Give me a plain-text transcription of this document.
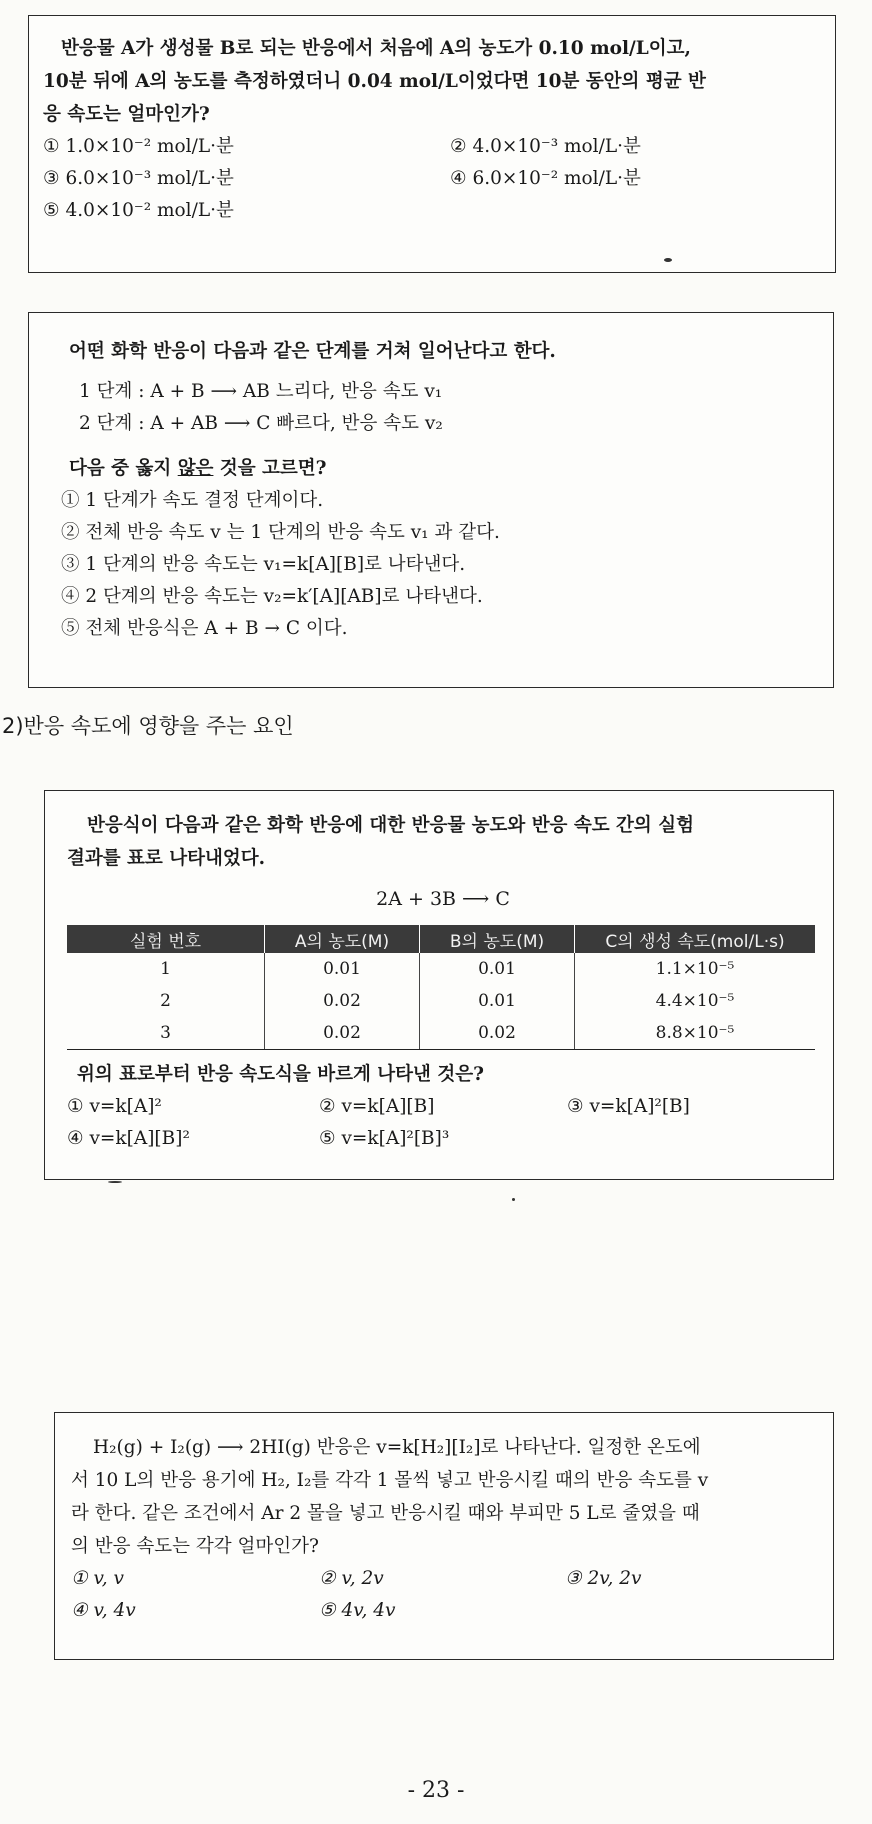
반응물 A가 생성물 B로 되는 반응에서 처음에 A의 농도가 0.10 mol/L이고,

10분 뒤에 A의 농도를 측정하였더니 0.04 mol/L이었다면 10분 동안의 평균 반

응 속도는 얼마인가?

① 1.0×10⁻² mol/L·분	② 4.0×10⁻³ mol/L·분
③ 6.0×10⁻³ mol/L·분	④ 6.0×10⁻² mol/L·분
⑤ 4.0×10⁻² mol/L·분

어떤 화학 반응이 다음과 같은 단계를 거쳐 일어난다고 한다.

1 단계 : A + B ⟶ AB 느리다, 반응 속도 v₁
2 단계 : A + AB ⟶ C 빠르다, 반응 속도 v₂

다음 중 옳지 않은 것을 고르면?

① 1 단계가 속도 결정 단계이다.
② 전체 반응 속도 v 는 1 단계의 반응 속도 v₁ 과 같다.
③ 1 단계의 반응 속도는 v₁=k[A][B]로 나타낸다.
④ 2 단계의 반응 속도는 v₂=k′[A][AB]로 나타낸다.
⑤ 전체 반응식은 A + B → C 이다.
2)반응 속도에 영향을 주는 요인

반응식이 다음과 같은 화학 반응에 대한 반응물 농도와 반응 속도 간의 실험

결과를 표로 나타내었다.

2A + 3B ⟶ C
실험 번호	A의 농도(M)	B의 농도(M)	C의 생성 속도(mol/L·s)
1	0.01	0.01	1.1×10⁻⁵
2	0.02	0.01	4.4×10⁻⁵
3	0.02	0.02	8.8×10⁻⁵

위의 표로부터 반응 속도식을 바르게 나타낸 것은?

① v=k[A]²	② v=k[A][B]	③ v=k[A]²[B]
④ v=k[A][B]²	⑤ v=k[A]²[B]³

H₂(g) + I₂(g) ⟶ 2HI(g) 반응은 v=k[H₂][I₂]로 나타난다. 일정한 온도에

서 10 L의 반응 용기에 H₂, I₂를 각각 1 몰씩 넣고 반응시킬 때의 반응 속도를 v

라 한다. 같은 조건에서 Ar 2 몰을 넣고 반응시킬 때와 부피만 5 L로 줄였을 때

의 반응 속도는 각각 얼마인가?

① v, v	② v, 2v	③ 2v, 2v
④ v, 4v	⑤ 4v, 4v
- 23 -
